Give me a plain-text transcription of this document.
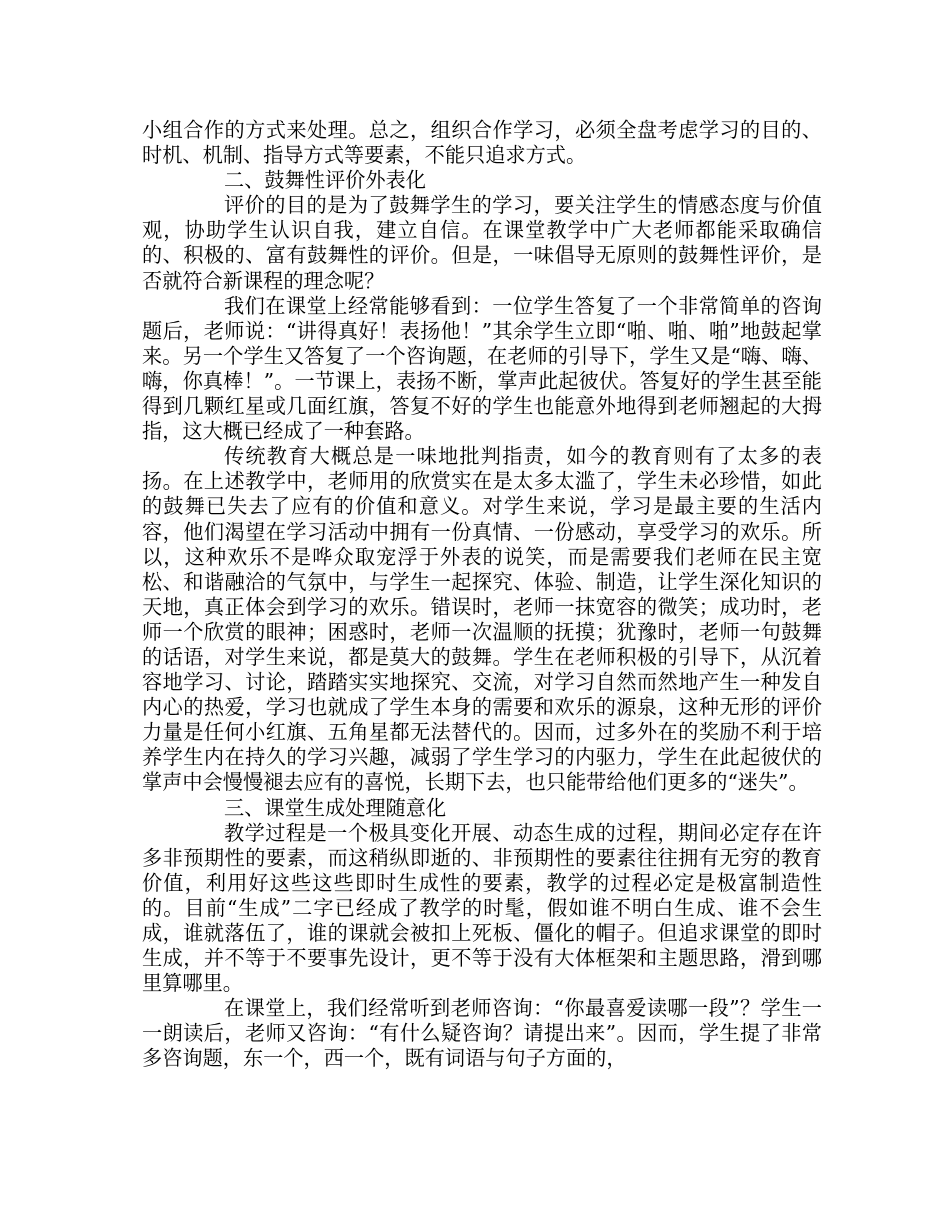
小组合作的方式来处理。总之，组织合作学习，必须全盘考虑学习的目的、时机、机制、指导方式等要素，不能只追求方式。

二、鼓舞性评价外表化

评价的目的是为了鼓舞学生的学习，要关注学生的情感态度与价值观，协助学生认识自我，建立自信。在课堂教学中广大老师都能采取确信的、积极的、富有鼓舞性的评价。但是，一味倡导无原则的鼓舞性评价，是否就符合新课程的理念呢？

我们在课堂上经常能够看到：一位学生答复了一个非常简单的咨询题后，老师说：“讲得真好！表扬他！”其余学生立即“啪、啪、啪”地鼓起掌来。另一个学生又答复了一个咨询题，在老师的引导下，学生又是“嗨、嗨、嗨，你真棒！”。一节课上，表扬不断，掌声此起彼伏。答复好的学生甚至能得到几颗红星或几面红旗，答复不好的学生也能意外地得到老师翘起的大拇指，这大概已经成了一种套路。

传统教育大概总是一味地批判指责，如今的教育则有了太多的表扬。在上述教学中，老师用的欣赏实在是太多太滥了，学生未必珍惜，如此的鼓舞已失去了应有的价值和意义。对学生来说，学习是最主要的生活内容，他们渴望在学习活动中拥有一份真情、一份感动，享受学习的欢乐。所以，这种欢乐不是哗众取宠浮于外表的说笑，而是需要我们老师在民主宽松、和谐融洽的气氛中，与学生一起探究、体验、制造，让学生深化知识的天地，真正体会到学习的欢乐。错误时，老师一抹宽容的微笑；成功时，老师一个欣赏的眼神；困惑时，老师一次温顺的抚摸；犹豫时，老师一句鼓舞的话语，对学生来说，都是莫大的鼓舞。学生在老师积极的引导下，从沉着容地学习、讨论，踏踏实实地探究、交流，对学习自然而然地产生一种发自内心的热爱，学习也就成了学生本身的需要和欢乐的源泉，这种无形的评价力量是任何小红旗、五角星都无法替代的。因而，过多外在的奖励不利于培养学生内在持久的学习兴趣，减弱了学生学习的内驱力，学生在此起彼伏的掌声中会慢慢褪去应有的喜悦，长期下去，也只能带给他们更多的“迷失”。

三、课堂生成处理随意化

教学过程是一个极具变化开展、动态生成的过程，期间必定存在许多非预期性的要素，而这稍纵即逝的、非预期性的要素往往拥有无穷的教育价值，利用好这些这些即时生成性的要素，教学的过程必定是极富制造性的。目前“生成”二字已经成了教学的时髦，假如谁不明白生成、谁不会生成，谁就落伍了，谁的课就会被扣上死板、僵化的帽子。但追求课堂的即时生成，并不等于不要事先设计，更不等于没有大体框架和主题思路，滑到哪里算哪里。

在课堂上，我们经常听到老师咨询：“你最喜爱读哪一段”？学生一一朗读后，老师又咨询：“有什么疑咨询？请提出来”。因而，学生提了非常多咨询题，东一个，西一个，既有词语与句子方面的，
